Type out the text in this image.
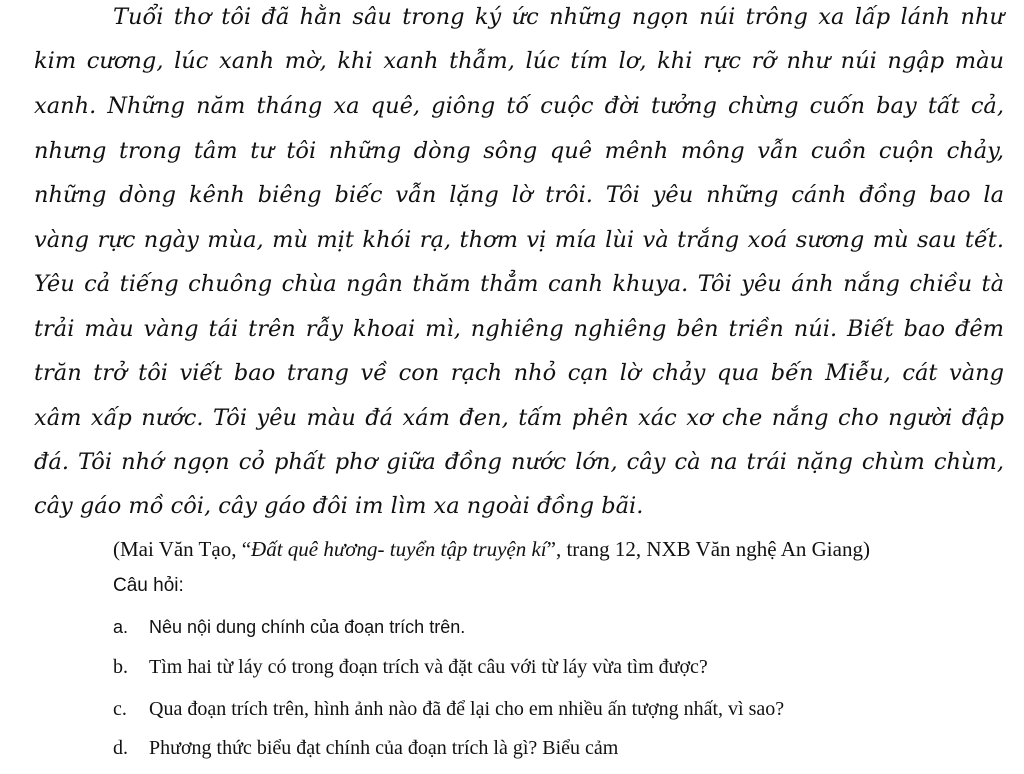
Tuổi thơ tôi đã hằn sâu trong ký ức những ngọn núi trông xa lấp lánh như
kim cương, lúc xanh mờ, khi xanh thẫm, lúc tím lơ, khi rực rỡ như núi ngập màu
xanh. Những năm tháng xa quê, giông tố cuộc đời tưởng chừng cuốn bay tất cả,
nhưng trong tâm tư tôi những dòng sông quê mênh mông vẫn cuồn cuộn chảy,
những dòng kênh biêng biếc vẫn lặng lờ trôi. Tôi yêu những cánh đồng bao la
vàng rực ngày mùa, mù mịt khói rạ, thơm vị mía lùi và trắng xoá sương mù sau tết.
Yêu cả tiếng chuông chùa ngân thăm thẳm canh khuya. Tôi yêu ánh nắng chiều tà
trải màu vàng tái trên rẫy khoai mì, nghiêng nghiêng bên triền núi. Biết bao đêm
trăn trở tôi viết bao trang về con rạch nhỏ cạn lờ chảy qua bến Miễu, cát vàng
xâm xấp nước. Tôi yêu màu đá xám đen, tấm phên xác xơ che nắng cho người đập
đá. Tôi nhớ ngọn cỏ phất phơ giữa đồng nước lớn, cây cà na trái nặng chùm chùm,
cây gáo mồ côi, cây gáo đôi im lìm xa ngoài đồng bãi.
(Mai Văn Tạo, “Đất quê hương- tuyển tập truyện kí”, trang 12, NXB Văn nghệ An Giang)
Câu hỏi:
a. Nêu nội dung chính của đoạn trích trên.
b. Tìm hai từ láy có trong đoạn trích và đặt câu với từ láy vừa tìm được?
c. Qua đoạn trích trên, hình ảnh nào đã để lại cho em nhiều ấn tượng nhất, vì sao?
d. Phương thức biểu đạt chính của đoạn trích là gì? Biểu cảm
